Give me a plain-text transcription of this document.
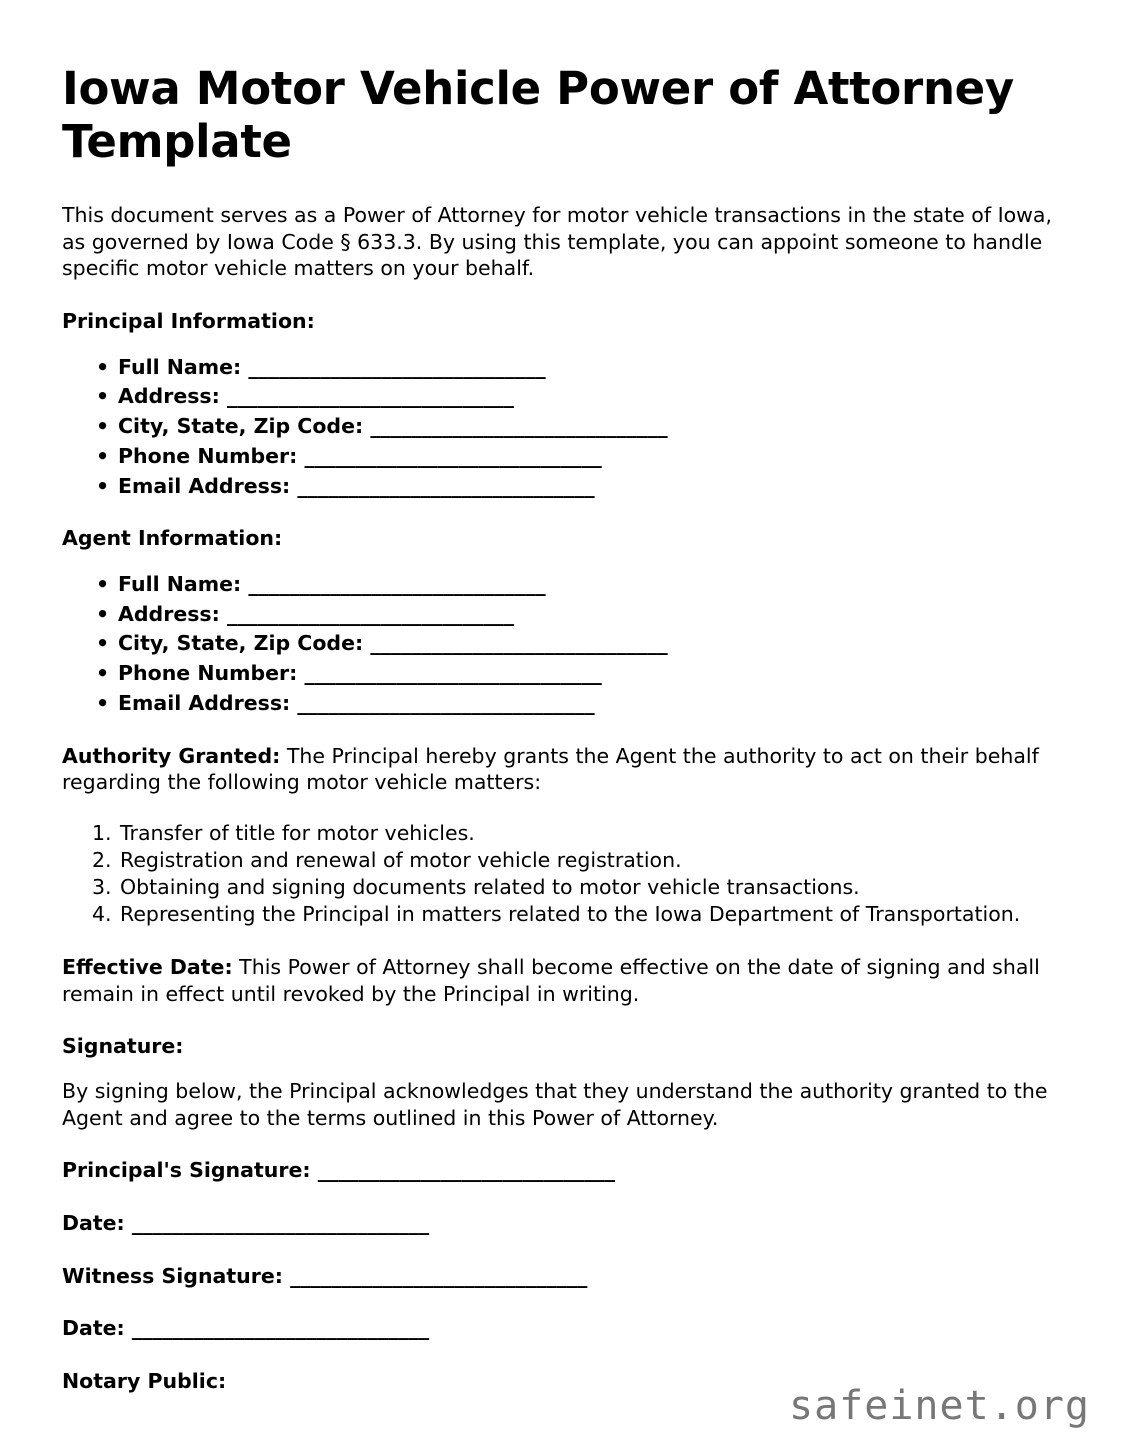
Iowa Motor Vehicle Power of Attorney Template

This document serves as a Power of Attorney for motor vehicle transactions in the state of Iowa, as governed by Iowa Code § 633.3. By using this template, you can appoint someone to handle specific motor vehicle matters on your behalf.

Principal Information:
• Full Name: _____________________________
• Address: ____________________________
• City, State, Zip Code: _____________________________
• Phone Number: _____________________________
• Email Address: _____________________________
Agent Information:
• Full Name: _____________________________
• Address: ____________________________
• City, State, Zip Code: _____________________________
• Phone Number: _____________________________
• Email Address: _____________________________

Authority Granted: The Principal hereby grants the Agent the authority to act on their behalf regarding the following motor vehicle matters:

Transfer of title for motor vehicles.
Registration and renewal of motor vehicle registration.
Obtaining and signing documents related to motor vehicle transactions.
Representing the Principal in matters related to the Iowa Department of Transportation.

Effective Date: This Power of Attorney shall become effective on the date of signing and shall remain in effect until revoked by the Principal in writing.

Signature:

By signing below, the Principal acknowledges that they understand the authority granted to the Agent and agree to the terms outlined in this Power of Attorney.

Principal's Signature: _____________________________
Date: _____________________________
Witness Signature: _____________________________
Date: _____________________________
Notary Public:
safeinet.org
